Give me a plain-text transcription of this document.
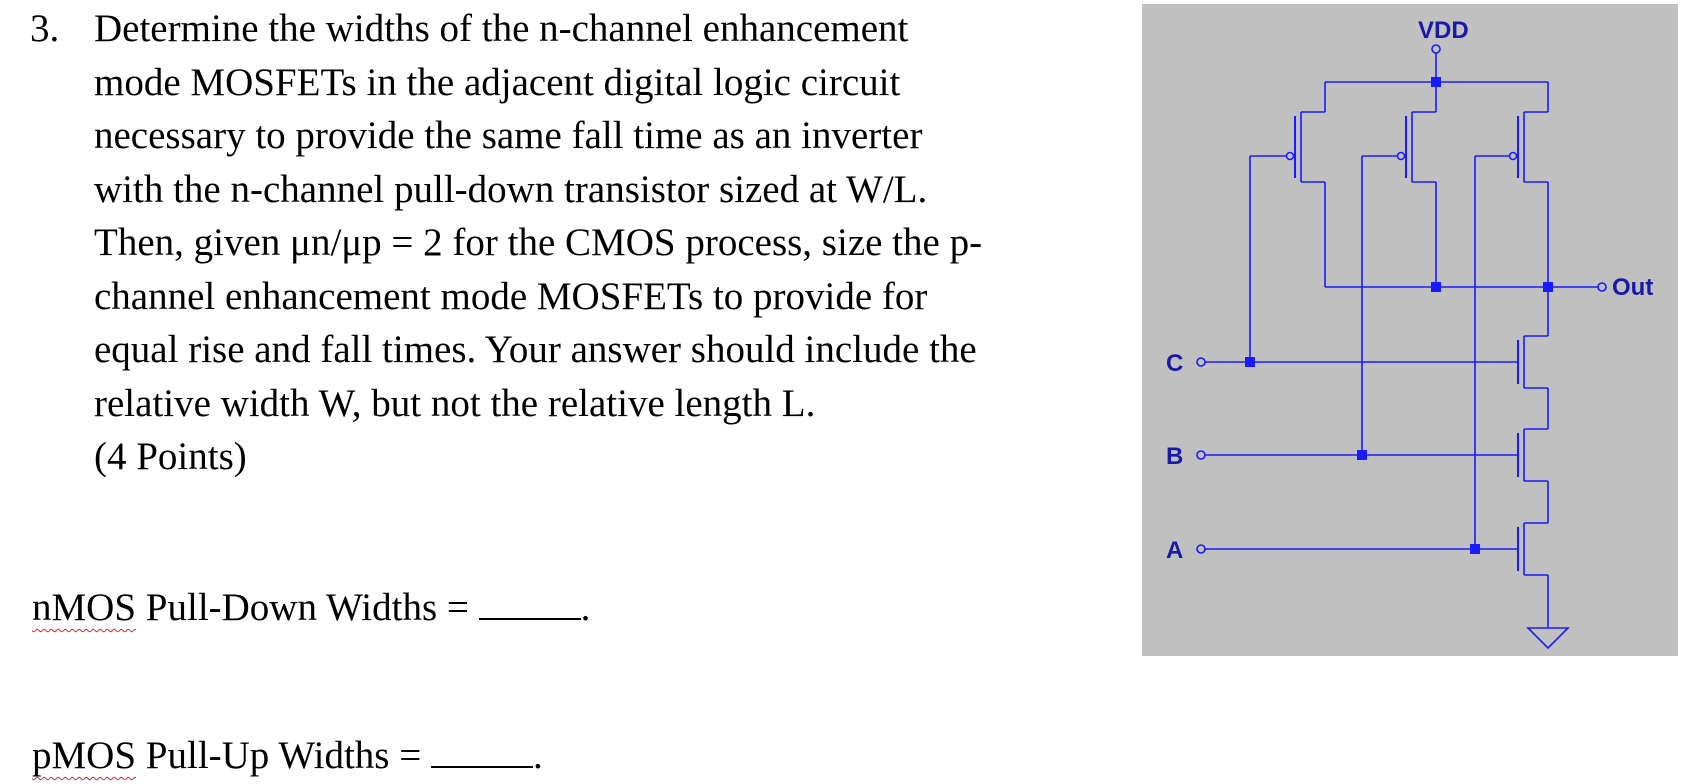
3. Determine the widths of the n-channel enhancement
mode MOSFETs in the adjacent digital logic circuit
necessary to provide the same fall time as an inverter
with the n-channel pull-down transistor sized at W/L.
Then, given μn/μp = 2 for the CMOS process, size the p-
channel enhancement mode MOSFETs to provide for
equal rise and fall times. Your answer should include the
relative width W, but not the relative length L.
(4 Points)
nMOS Pull-Down Widths =	.
pMOS Pull-Up Widths =	.
VDD
Out
C
B
A
